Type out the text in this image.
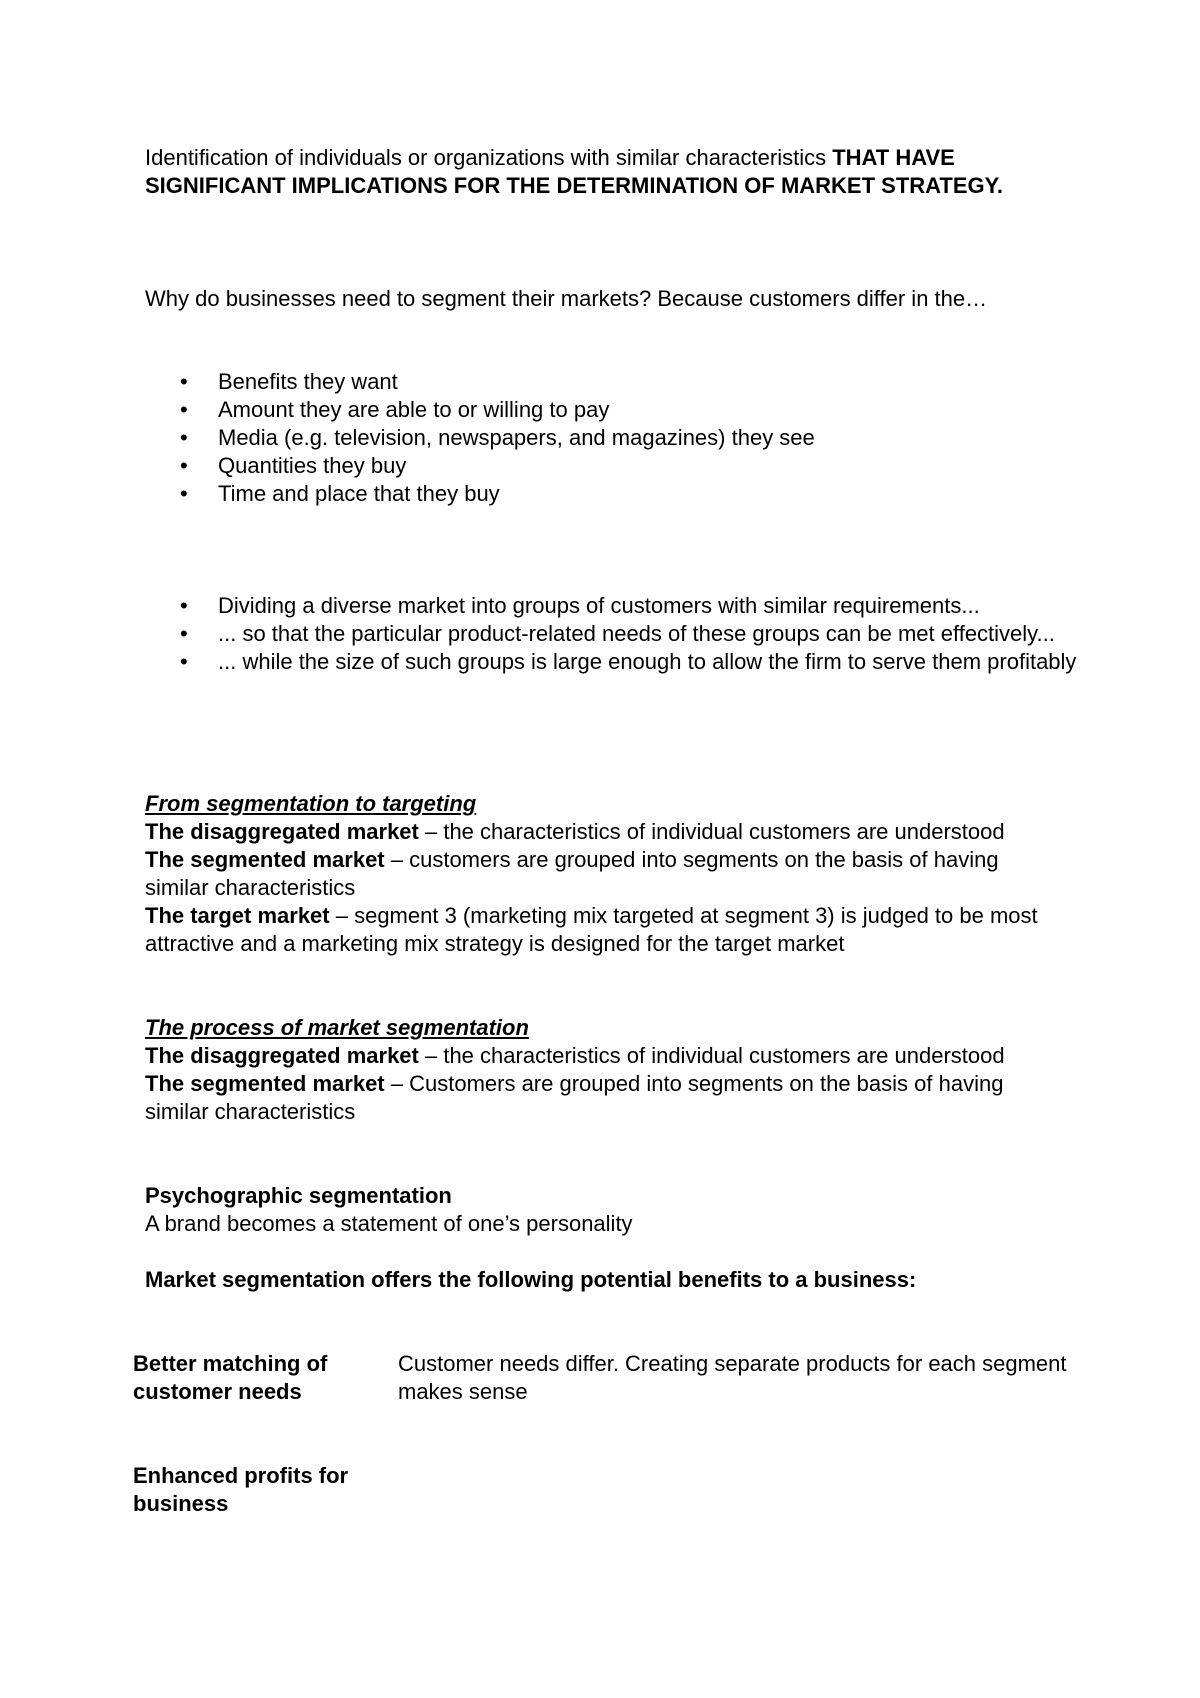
Identification of individuals or organizations with similar characteristics THAT HAVE SIGNIFICANT IMPLICATIONS FOR THE DETERMINATION OF MARKET STRATEGY.

Why do businesses need to segment their markets? Because customers differ in the…

• Benefits they want
• Amount they are able to or willing to pay
• Media (e.g. television, newspapers, and magazines) they see
• Quantities they buy
• Time and place that they buy
• Dividing a diverse market into groups of customers with similar requirements...
• ... so that the particular product-related needs of these groups can be met effectively...
• ... while the size of such groups is large enough to allow the firm to serve them profitably

From segmentation to targeting

The disaggregated market – the characteristics of individual customers are understood

The segmented market – customers are grouped into segments on the basis of having similar characteristics

The target market – segment 3 (marketing mix targeted at segment 3) is judged to be most attractive and a marketing mix strategy is designed for the target market

The process of market segmentation

The disaggregated market – the characteristics of individual customers are understood

The segmented market – Customers are grouped into segments on the basis of having similar characteristics

Psychographic segmentation

A brand becomes a statement of one’s personality

Market segmentation offers the following potential benefits to a business:

Better matching of customer needs
Customer needs differ. Creating separate products for each segment makes sense
Enhanced profits for business
